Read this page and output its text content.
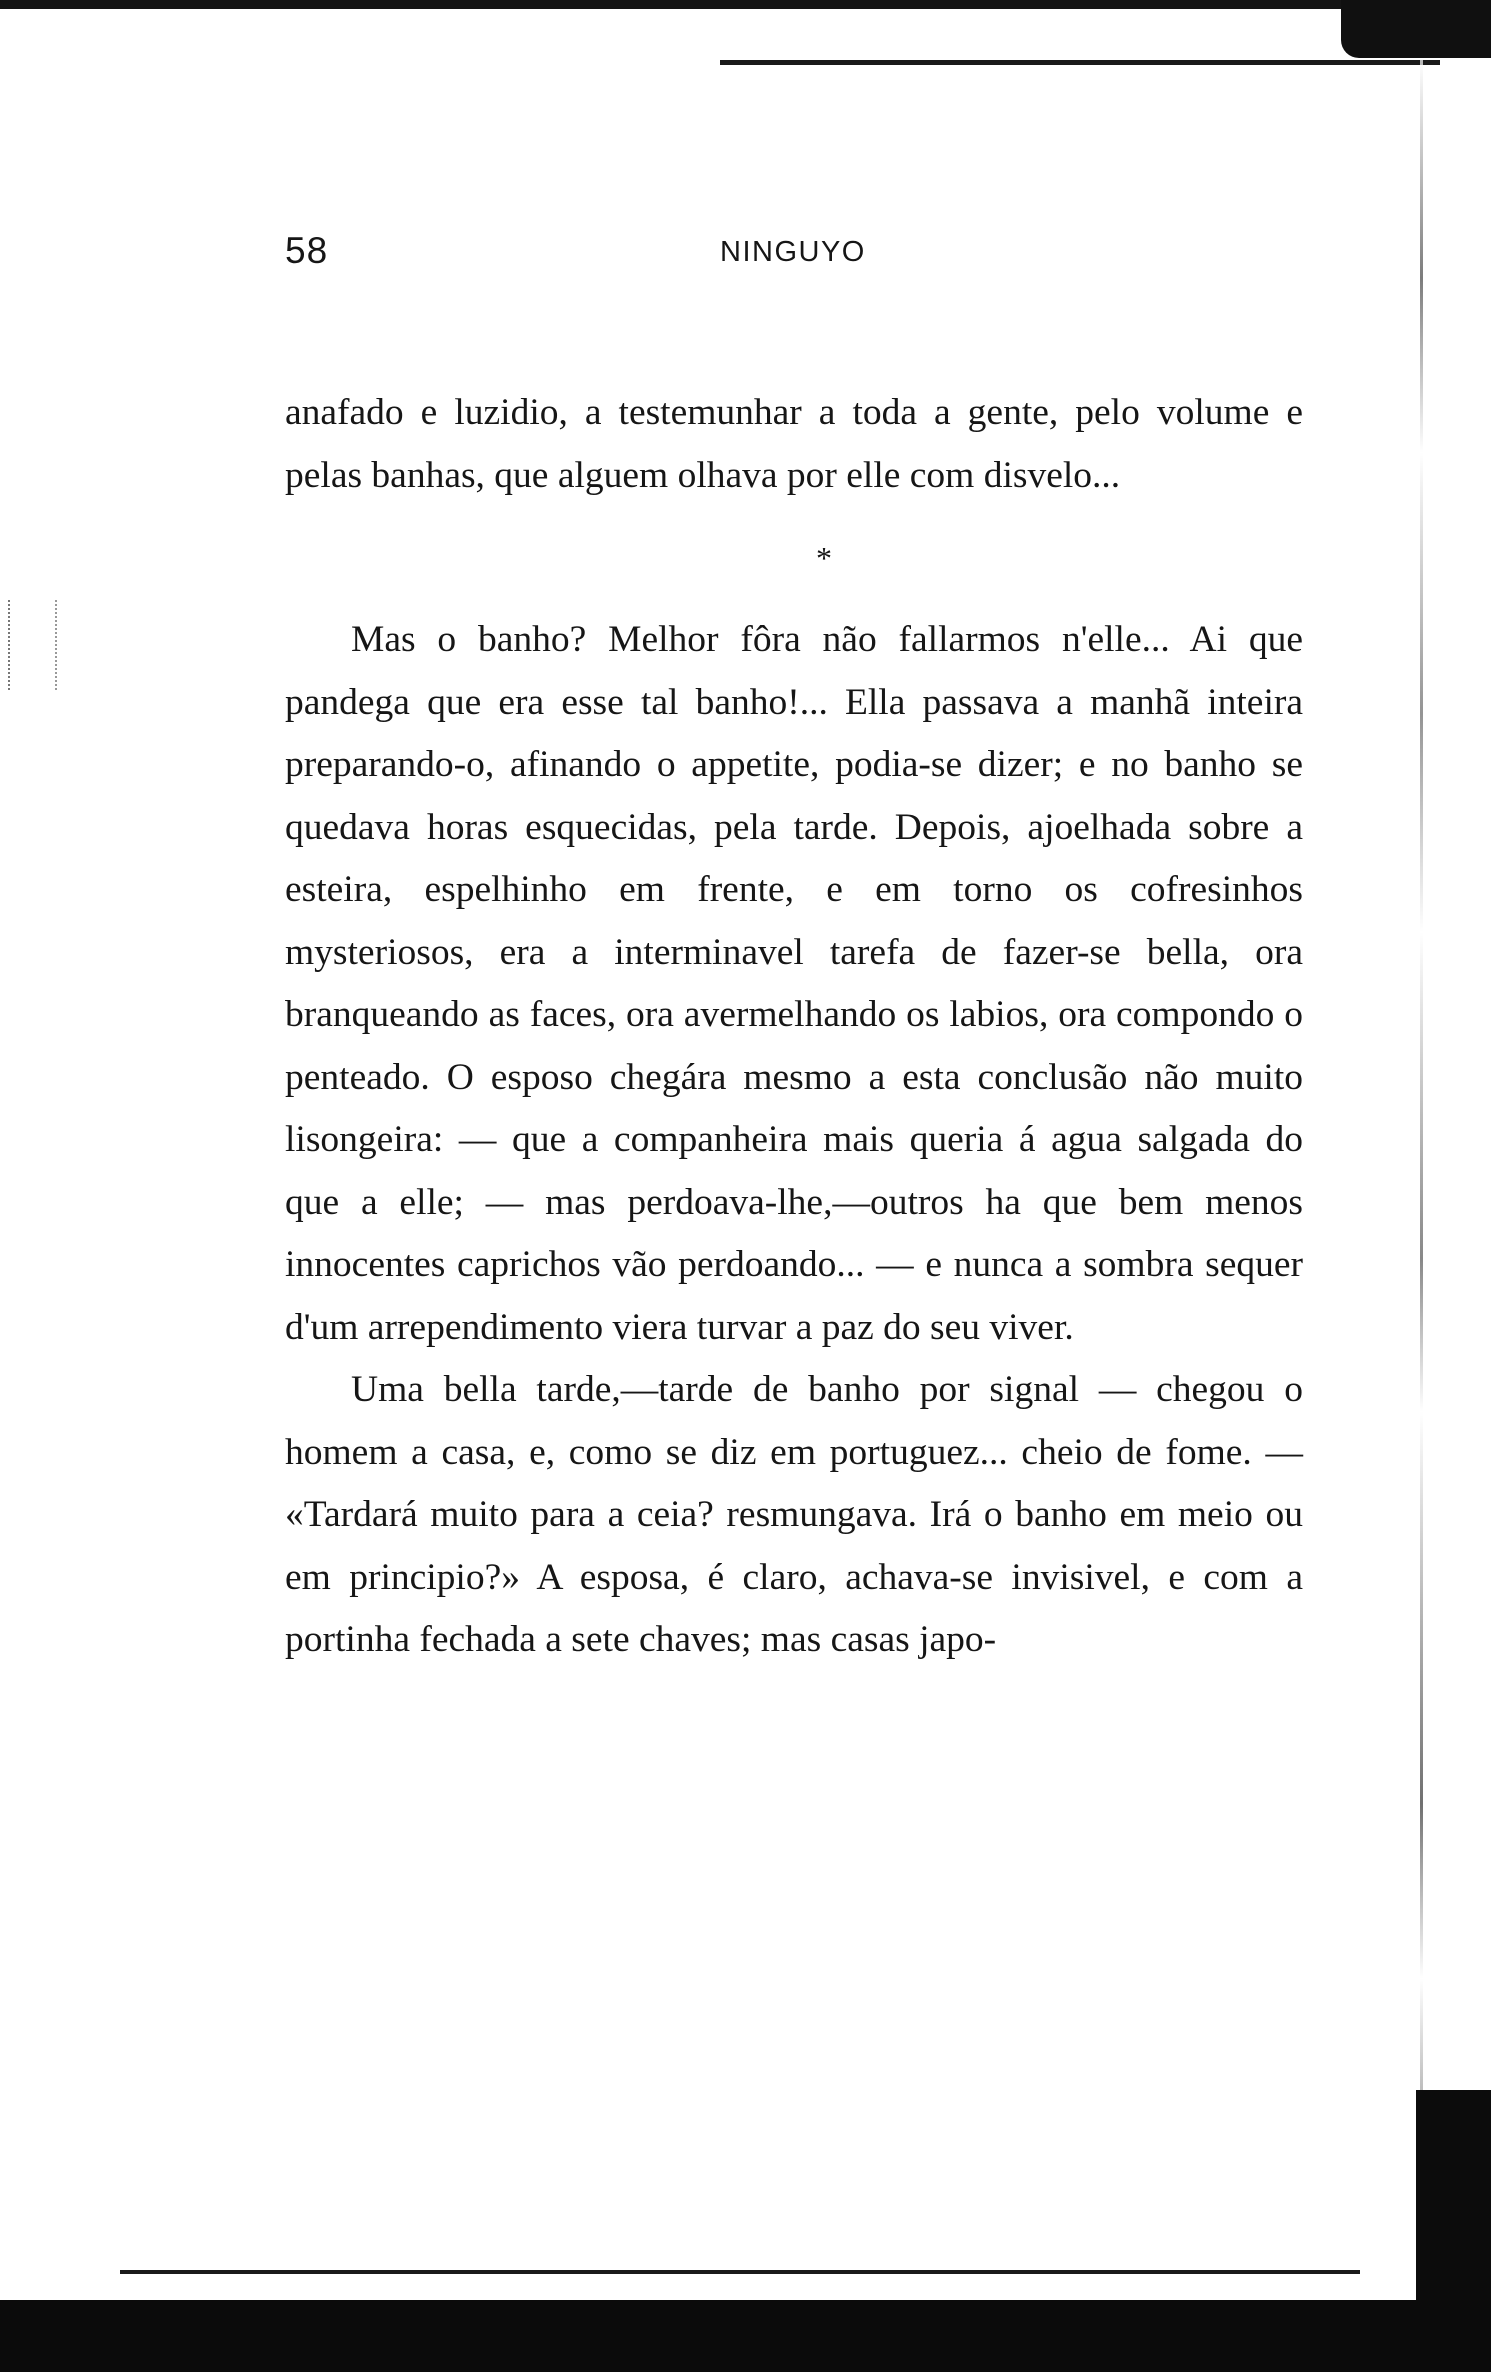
58	NINGUYO

anafado e luzidio, a testemunhar a toda a gente, pelo volume e pelas banhas, que alguem olhava por elle com disvelo...

*

Mas o banho? Melhor fôra não fallarmos n'elle... Ai que pandega que era esse tal banho!... Ella passava a manhã inteira preparando-o, afinando o appetite, podia-se dizer; e no banho se quedava horas esquecidas, pela tarde. Depois, ajoelhada sobre a esteira, espelhinho em frente, e em torno os cofresinhos mysteriosos, era a interminavel tarefa de fazer-se bella, ora branqueando as faces, ora avermelhando os labios, ora compondo o penteado. O esposo chegára mesmo a esta conclusão não muito lisongeira: — que a companheira mais queria á agua salgada do que a elle; — mas perdoava-lhe,—outros ha que bem menos innocentes caprichos vão perdoando... — e nunca a sombra sequer d'um arrependimento viera turvar a paz do seu viver.

Uma bella tarde,—tarde de banho por signal — chegou o homem a casa, e, como se diz em portuguez... cheio de fome. — «Tardará muito para a ceia? resmungava. Irá o banho em meio ou em principio?» A esposa, é claro, achava-se invisivel, e com a portinha fechada a sete chaves; mas casas japo-
